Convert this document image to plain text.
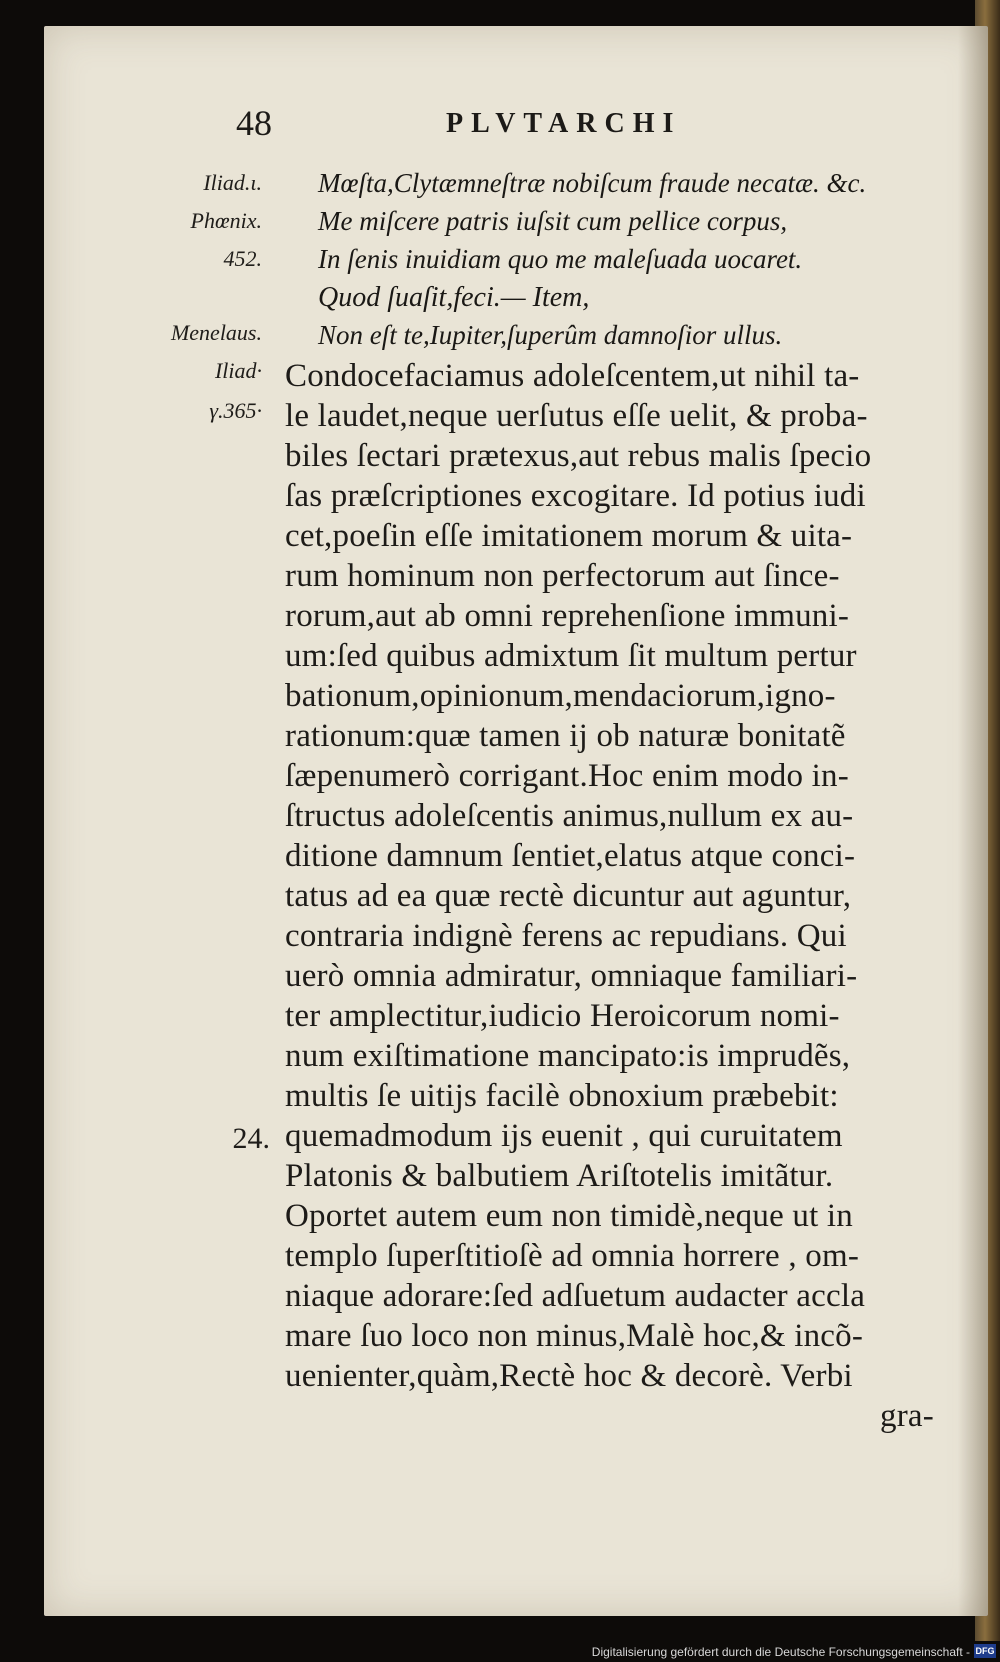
48	PLVTARCHI
Iliad.ι.
Phœnix.
452.
Menelaus.
Iliad·
γ.365·
Mœſta,Clytæmneſtræ nobiſcum fraude necatæ. &c.
Me miſcere patris iuſsit cum pellice corpus,
In ſenis inuidiam quo me maleſuada uocaret.
Quod ſuaſit,feci.— Item,
Non eſt te,Iupiter,ſuperûm damnoſior ullus.
24.
Condocefaciamus adoleſcentem,ut nihil ta-
le laudet,neque uerſutus eſſe uelit, & proba-
biles ſectari prætexus,aut rebus malis ſpecio
ſas præſcriptiones excogitare. Id potius iudi
cet,poeſin eſſe imitationem morum & uita-
rum hominum non perfectorum aut ſince-
rorum,aut ab omni reprehenſione immuni-
um:ſed quibus admixtum ſit multum pertur
bationum,opinionum,mendaciorum,igno-
rationum:quæ tamen ij ob naturæ bonitatẽ
ſæpenumerò corrigant.Hoc enim modo in-
ſtructus adoleſcentis animus,nullum ex au-
ditione damnum ſentiet,elatus atque conci-
tatus ad ea quæ rectè dicuntur aut aguntur,
contraria indignè ferens ac repudians. Qui
uerò omnia admiratur, omniaque familiari-
ter amplectitur,iudicio Heroicorum nomi-
num exiſtimatione mancipato:is imprudẽs,
multis ſe uitijs facilè obnoxium præbebit:
quemadmodum ijs euenit , qui curuitatem
Platonis & balbutiem Ariſtotelis imitãtur.
Oportet autem eum non timidè,neque ut in
templo ſuperſtitioſè ad omnia horrere , om-
niaque adorare:ſed adſuetum audacter accla
mare ſuo loco non minus,Malè hoc,& incõ-
uenienter,quàm,Rectè hoc & decorè. Verbi
gra-
Digitalisierung gefördert durch die Deutsche Forschungsgemeinschaft - DFG
